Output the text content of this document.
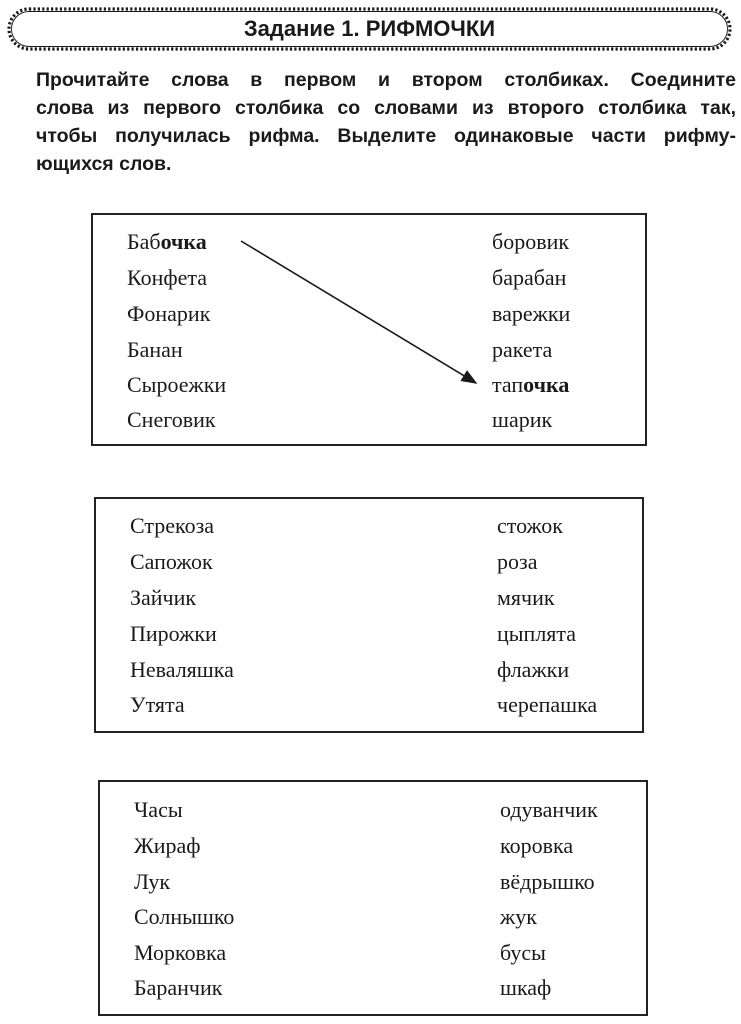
Задание 1. РИФМОЧКИ
Прочитайте слова в первом и втором столбиках. Соедините
слова из первого столбика со словами из второго столбика так,
чтобы получилась рифма. Выделите одинаковые части рифму-
ющихся слов.
Бабочка
Конфета
Фонарик
Банан
Сыроежки
Снеговик
боровик
барабан
варежки
ракета
тапочка
шарик
Стрекоза
Сапожок
Зайчик
Пирожки
Неваляшка
Утята
стожок
роза
мячик
цыплята
флажки
черепашка
Часы
Жираф
Лук
Солнышко
Морковка
Баранчик
одуванчик
коровка
вёдрышко
жук
бусы
шкаф
